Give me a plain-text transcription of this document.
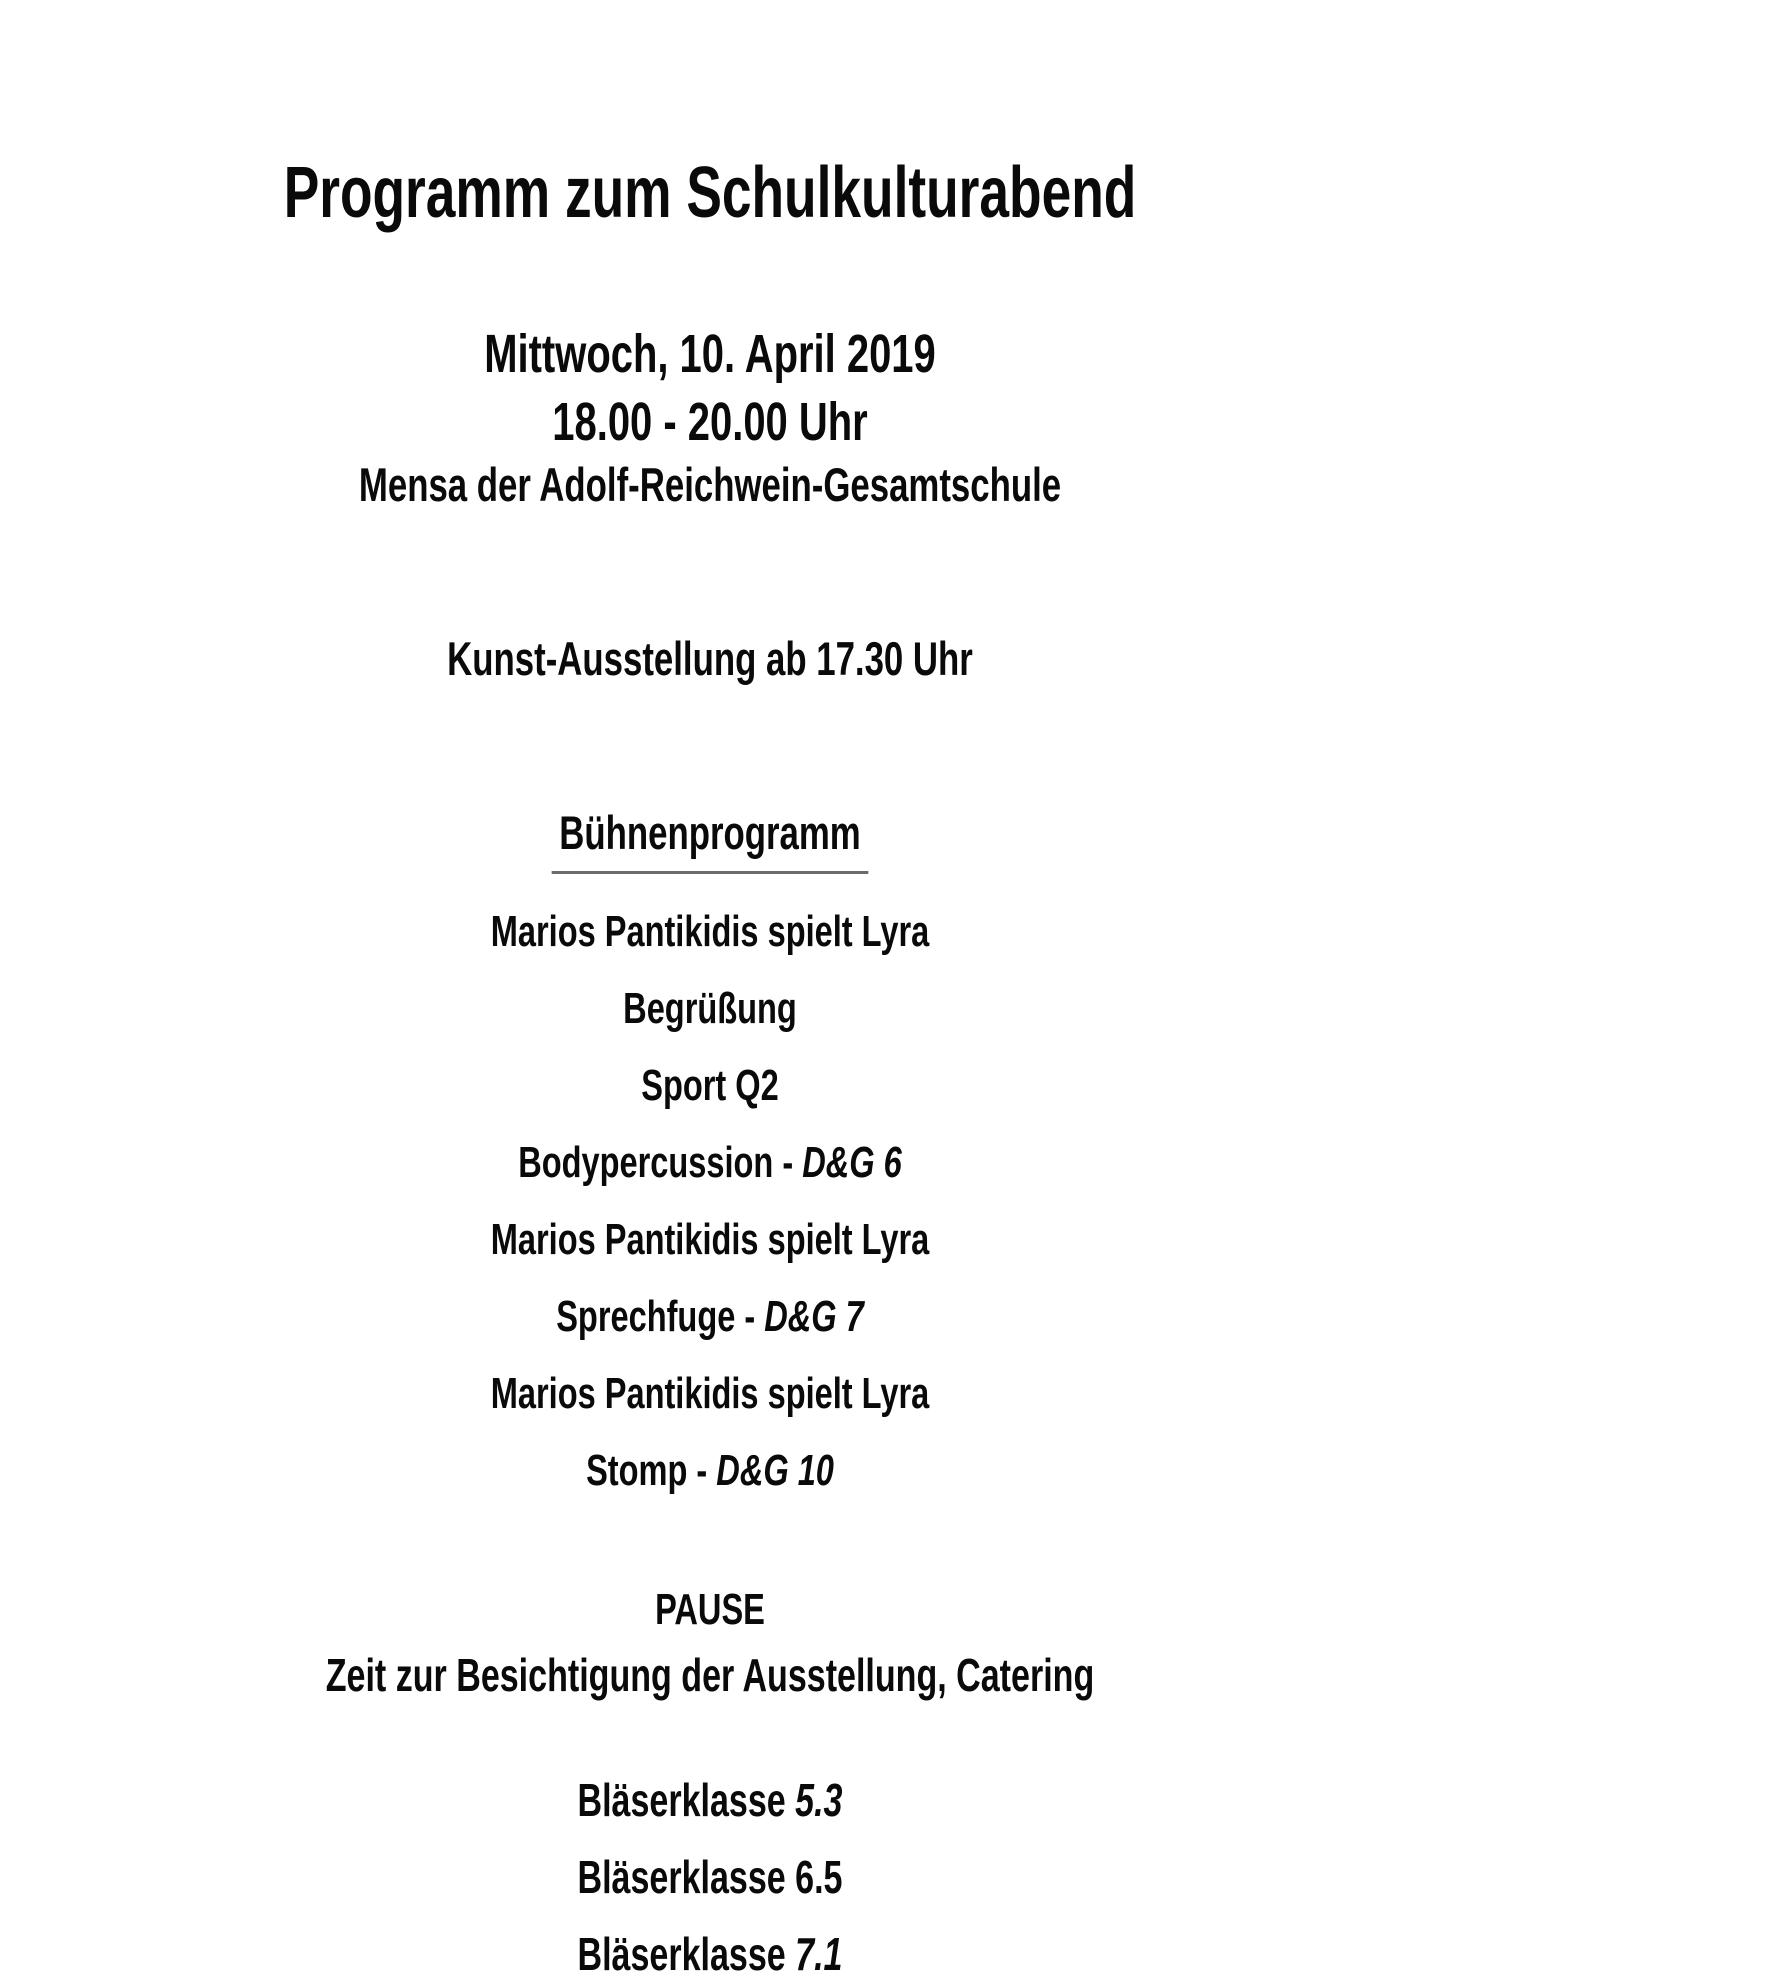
Programm zum Schulkulturabend
Mittwoch, 10. April 2019
18.00 - 20.00 Uhr
Mensa der Adolf-Reichwein-Gesamtschule
Kunst-Ausstellung ab 17.30 Uhr
Bühnenprogramm
Marios Pantikidis spielt Lyra
Begrüßung
Sport Q2
Bodypercussion - D&G 6
Marios Pantikidis spielt Lyra
Sprechfuge - D&G 7
Marios Pantikidis spielt Lyra
Stomp - D&G 10
PAUSE
Zeit zur Besichtigung der Ausstellung, Catering
Bläserklasse 5.3
Bläserklasse 6.5
Bläserklasse 7.1
